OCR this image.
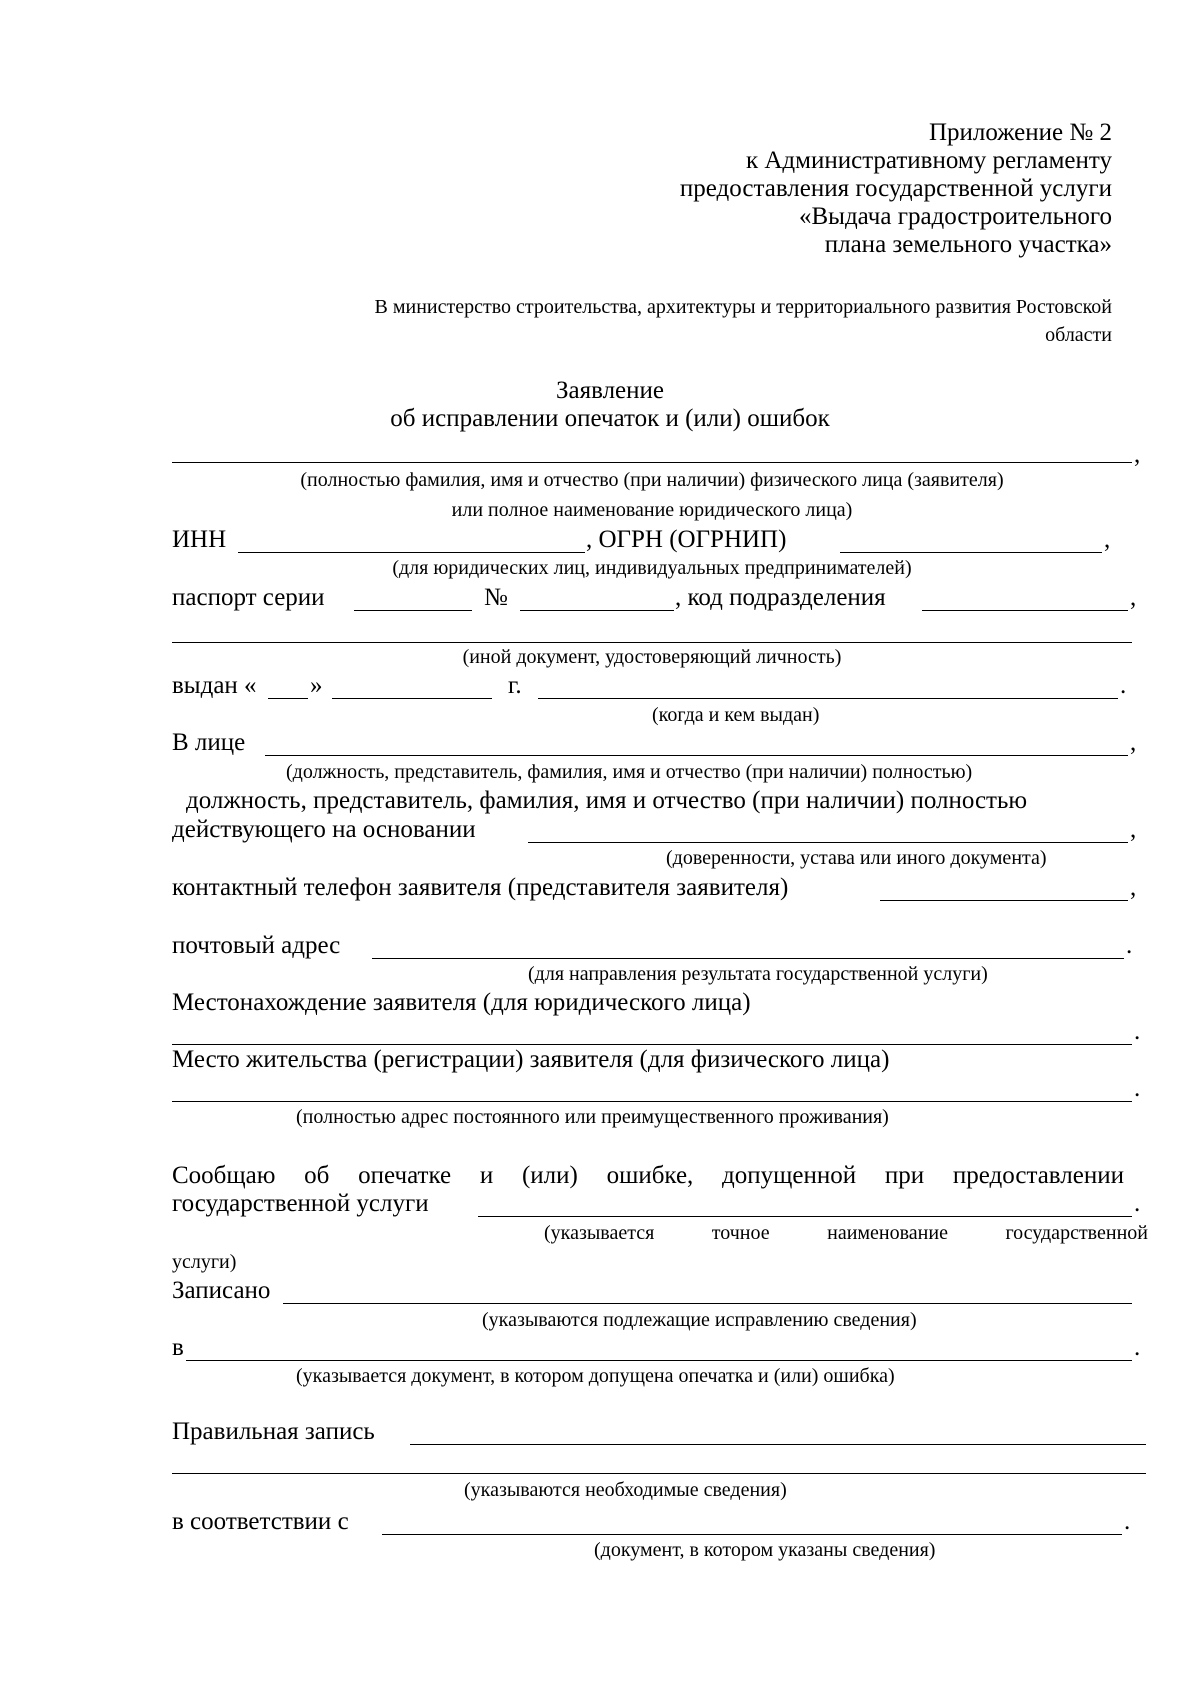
Приложение № 2
к Административному регламенту
предоставления государственной услуги
«Выдача градостроительного
плана земельного участка»
В министерство строительства, архитектуры и территориального развития Ростовской
области
Заявление
об исправлении опечаток и (или) ошибок
,
(полностью фамилия, имя и отчество (при наличии) физического лица (заявителя)
или полное наименование юридического лица)
ИНН	, ОГРН (ОГРНИП)	,
(для юридических лиц, индивидуальных предпринимателей)
паспорт серии	№	, код подразделения	,
(иной документ, удостоверяющий личность)
выдан « »	г.	.
(когда и кем выдан)
В лице	,
(должность, представитель, фамилия, имя и отчество (при наличии) полностью)
должность, представитель, фамилия, имя и отчество (при наличии) полностью
действующего на основании	,
(доверенности, устава или иного документа)
контактный телефон заявителя (представителя заявителя)	,
почтовый адрес	.
(для направления результата государственной услуги)
Местонахождение заявителя (для юридического лица)
.
Место жительства (регистрации) заявителя (для физического лица)
.
(полностью адрес постоянного или преимущественного проживания)
Сообщаю об опечатке и (или) ошибке, допущенной при предоставлении
государственной услуги	.
(указывается	точное	наименование	государственной
услуги)
Записано
(указываются подлежащие исправлению сведения)
в	.
(указывается документ, в котором допущена опечатка и (или) ошибка)
Правильная запись
(указываются необходимые сведения)
в соответствии с	.
(документ, в котором указаны сведения)
